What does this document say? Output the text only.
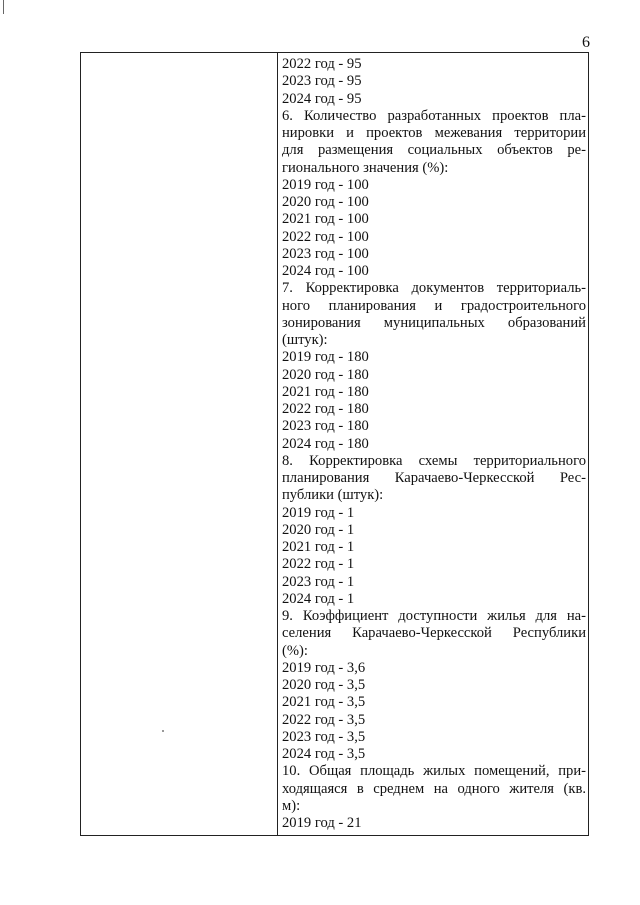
6
2022 год - 95
2023 год - 95
2024 год - 95
6. Количество разработанных проектов пла-
нировки и проектов межевания территории
для размещения социальных объектов ре-
гионального значения (%):
2019 год - 100
2020 год - 100
2021 год - 100
2022 год - 100
2023 год - 100
2024 год - 100
7. Корректировка документов территориаль-
ного планирования и градостроительного
зонирования муниципальных образований
(штук):
2019 год - 180
2020 год - 180
2021 год - 180
2022 год - 180
2023 год - 180
2024 год - 180
8. Корректировка схемы территориального
планирования Карачаево-Черкесской Рес-
публики (штук):
2019 год - 1
2020 год - 1
2021 год - 1
2022 год - 1
2023 год - 1
2024 год - 1
9. Коэффициент доступности жилья для на-
селения Карачаево-Черкесской Республики
(%):
2019 год - 3,6
2020 год - 3,5
2021 год - 3,5
2022 год - 3,5
2023 год - 3,5
2024 год - 3,5
10. Общая площадь жилых помещений, при-
ходящаяся в среднем на одного жителя (кв.
м):
2019 год - 21
